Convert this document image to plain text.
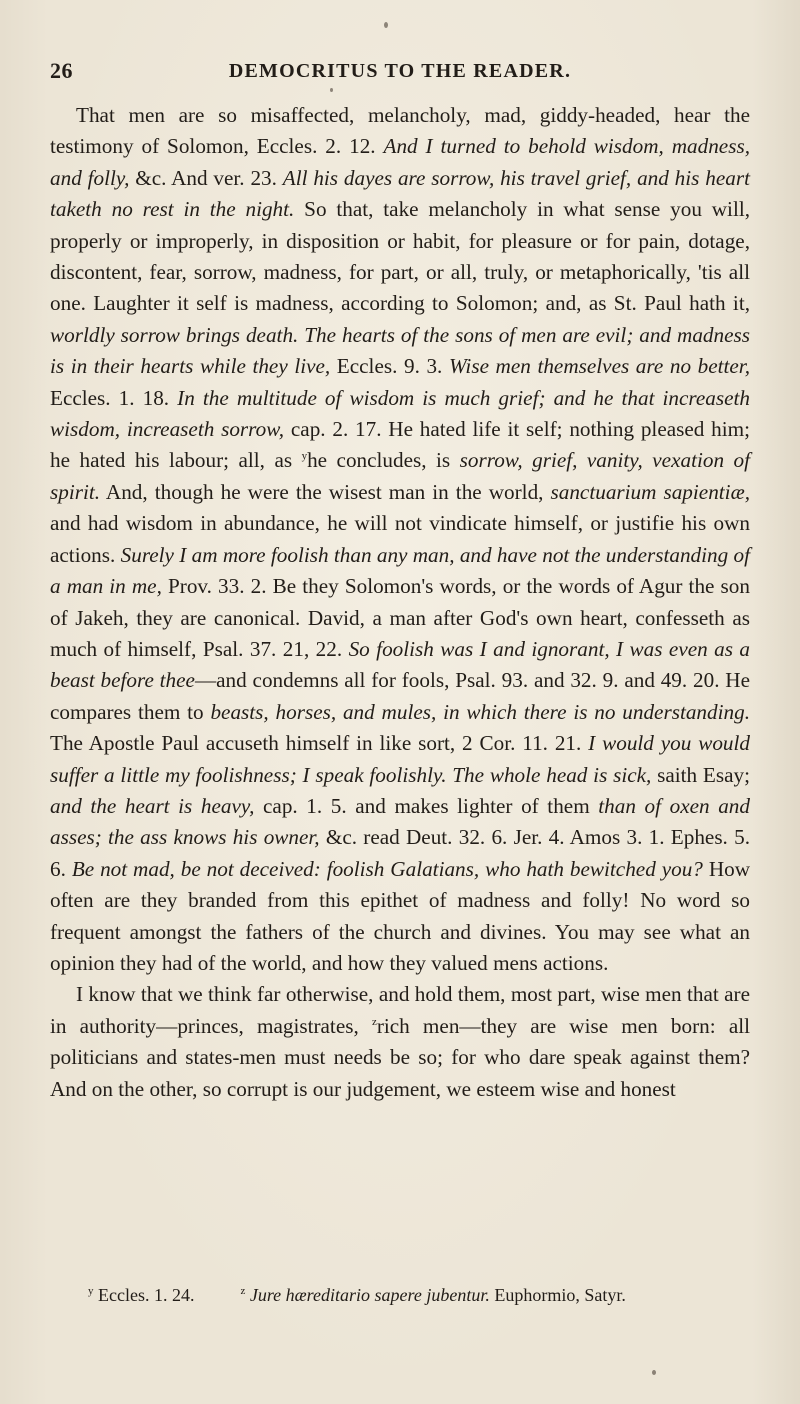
26	DEMOCRITUS TO THE READER.

That men are so misaffected, melancholy, mad, giddy-headed, hear the testimony of Solomon, Eccles. 2. 12. And I turned to behold wisdom, madness, and folly, &c. And ver. 23. All his dayes are sorrow, his travel grief, and his heart taketh no rest in the night. So that, take melancholy in what sense you will, properly or improperly, in disposition or habit, for pleasure or for pain, dotage, discontent, fear, sorrow, madness, for part, or all, truly, or metaphorically, 'tis all one. Laughter it self is madness, according to Solomon; and, as St. Paul hath it, worldly sorrow brings death. The hearts of the sons of men are evil; and madness is in their hearts while they live, Eccles. 9. 3. Wise men themselves are no better, Eccles. 1. 18. In the multitude of wisdom is much grief; and he that increaseth wisdom, increaseth sorrow, cap. 2. 17. He hated life it self; nothing pleased him; he hated his labour; all, as $^y$he concludes, is sorrow, grief, vanity, vexation of spirit. And, though he were the wisest man in the world, sanctuarium sapientiæ, and had wisdom in abundance, he will not vindicate himself, or justifie his own actions. Surely I am more foolish than any man, and have not the understanding of a man in me, Prov. 33. 2. Be they Solomon's words, or the words of Agur the son of Jakeh, they are canonical. David, a man after God's own heart, confesseth as much of himself, Psal. 37. 21, 22. So foolish was I and ignorant, I was even as a beast before thee—and condemns all for fools, Psal. 93. and 32. 9. and 49. 20. He compares them to beasts, horses, and mules, in which there is no understanding. The Apostle Paul accuseth himself in like sort, 2 Cor. 11. 21. I would you would suffer a little my foolishness; I speak foolishly. The whole head is sick, saith Esay; and the heart is heavy, cap. 1. 5. and makes lighter of them than of oxen and asses; the ass knows his owner, &c. read Deut. 32. 6. Jer. 4. Amos 3. 1. Ephes. 5. 6. Be not mad, be not deceived: foolish Galatians, who hath bewitched you? How often are they branded from this epithet of madness and folly! No word so frequent amongst the fathers of the church and divines. You may see what an opinion they had of the world, and how they valued mens actions.

I know that we think far otherwise, and hold them, most part, wise men that are in authority—princes, magistrates, $^z$rich men—they are wise men born: all politicians and states-men must needs be so; for who dare speak against them? And on the other, so corrupt is our judgement, we esteem wise and honest

$^y$ Eccles. 1. 24.	$^z$ Jure hæreditario sapere jubentur. Euphormio, Satyr.
